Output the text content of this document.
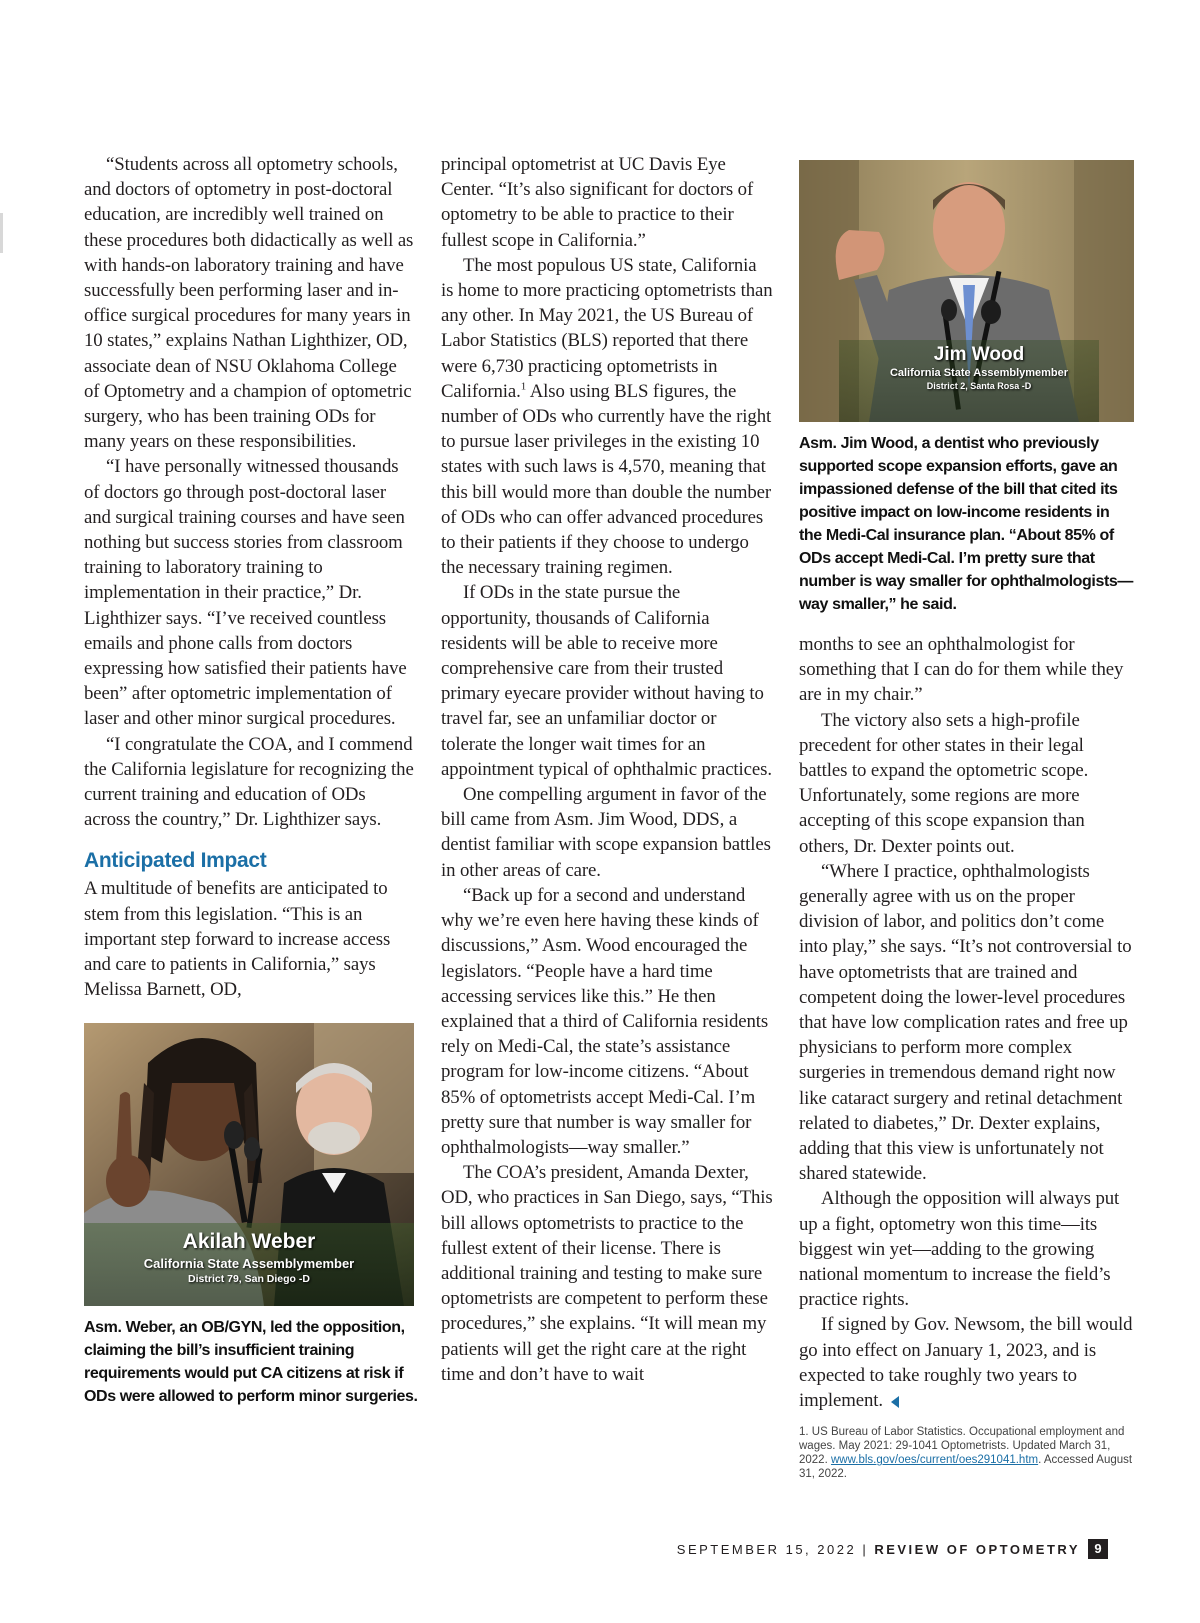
“Students across all optometry schools, and doctors of optometry in post-doctoral education, are incredibly well trained on these procedures both didactically as well as with hands-on laboratory training and have successfully been performing laser and in-office surgical procedures for many years in 10 states,” explains Nathan Lighthizer, OD, associate dean of NSU Oklahoma College of Optometry and a champion of optometric surgery, who has been training ODs for many years on these responsibilities.

“I have personally witnessed thousands of doctors go through post-doctoral laser and surgical training courses and have seen nothing but success stories from classroom training to laboratory training to implementation in their practice,” Dr. Lighthizer says. “I’ve received countless emails and phone calls from doctors expressing how satisfied their patients have been” after optometric implementation of laser and other minor surgical procedures.

“I congratulate the COA, and I commend the California legislature for recognizing the current training and education of ODs across the country,” Dr. Lighthizer says.

Anticipated Impact

A multitude of benefits are anticipated to stem from this legislation. “This is an important step forward to increase access and care to patients in California,” says Melissa Barnett, OD,

Akilah Weber
California State Assemblymember
District 79, San Diego -D
Asm. Weber, an OB/GYN, led the opposition, claiming the bill’s insufficient training requirements would put CA citizens at risk if ODs were allowed to perform minor surgeries.

principal optometrist at UC Davis Eye Center. “It’s also significant for doctors of optometry to be able to practice to their fullest scope in California.”

The most populous US state, California is home to more practicing optometrists than any other. In May 2021, the US Bureau of Labor Statistics (BLS) reported that there were 6,730 practicing optometrists in California.$^1$ Also using BLS figures, the number of ODs who currently have the right to pursue laser privileges in the existing 10 states with such laws is 4,570, meaning that this bill would more than double the number of ODs who can offer advanced procedures to their patients if they choose to undergo the necessary training regimen.

If ODs in the state pursue the opportunity, thousands of California residents will be able to receive more comprehensive care from their trusted primary eyecare provider without having to travel far, see an unfamiliar doctor or tolerate the longer wait times for an appointment typical of ophthalmic practices.

One compelling argument in favor of the bill came from Asm. Jim Wood, DDS, a dentist familiar with scope expansion battles in other areas of care.

“Back up for a second and understand why we’re even here having these kinds of discussions,” Asm. Wood encouraged the legislators. “People have a hard time accessing services like this.” He then explained that a third of California residents rely on Medi-Cal, the state’s assistance program for low-income citizens. “About 85% of optometrists accept Medi-Cal. I’m pretty sure that number is way smaller for ophthalmologists—way smaller.”

The COA’s president, Amanda Dexter, OD, who practices in San Diego, says, “This bill allows optometrists to practice to the fullest extent of their license. There is additional training and testing to make sure optometrists are competent to perform these procedures,” she explains. “It will mean my patients will get the right care at the right time and don’t have to wait

Jim Wood
California State Assemblymember
District 2, Santa Rosa -D
Asm. Jim Wood, a dentist who previously supported scope expansion efforts, gave an impassioned defense of the bill that cited its positive impact on low-income residents in the Medi-Cal insurance plan. “About 85% of ODs accept Medi-Cal. I’m pretty sure that number is way smaller for ophthalmologists—way smaller,” he said.

months to see an ophthalmologist for something that I can do for them while they are in my chair.”

The victory also sets a high-profile precedent for other states in their legal battles to expand the optometric scope. Unfortunately, some regions are more accepting of this scope expansion than others, Dr. Dexter points out.

“Where I practice, ophthalmologists generally agree with us on the proper division of labor, and politics don’t come into play,” she says. “It’s not controversial to have optometrists that are trained and competent doing the lower-level procedures that have low complication rates and free up physicians to perform more complex surgeries in tremendous demand right now like cataract surgery and retinal detachment related to diabetes,” Dr. Dexter explains, adding that this view is unfortunately not shared statewide.

Although the opposition will always put up a fight, optometry won this time—its biggest win yet—adding to the growing national momentum to increase the field’s practice rights.

If signed by Gov. Newsom, the bill would go into effect on January 1, 2023, and is expected to take roughly two years to implement.

1. US Bureau of Labor Statistics. Occupational employment and wages. May 2021: 29-1041 Optometrists. Updated March 31, 2022. www.bls.gov/oes/current/oes291041.htm. Accessed August 31, 2022.
SEPTEMBER 15, 2022 | REVIEW OF OPTOMETRY	9
